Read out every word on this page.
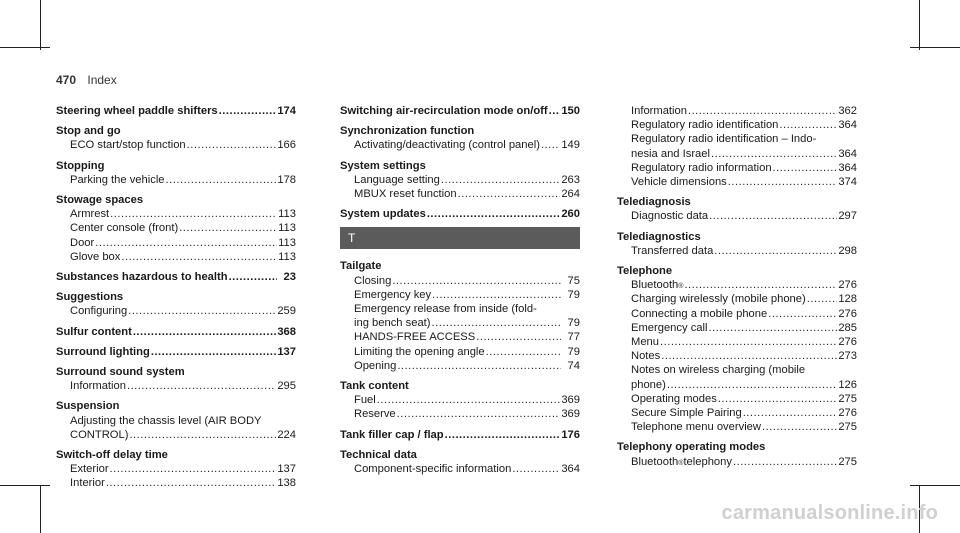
470 Index
Steering wheel paddle shifters .....	174
Stop and go
ECO start/stop function .....	166
Stopping
Parking the vehicle .....	178
Stowage spaces
Armrest .....	113
Center console (front) .....	113
Door .....	113
Glove box .....	113
Substances hazardous to health .....	23
Suggestions
Configuring .....	259
Sulfur content .....	368
Surround lighting .....	137
Surround sound system
Information .....	295
Suspension
Adjusting the chassis level (AIR BODY
CONTROL) .....	224
Switch-off delay time
Exterior .....	137
Interior .....	138
Switching air-recirculation mode on/off ..... 150
Synchronization function
Activating/deactivating (control panel) ..... 149
System settings
Language setting .....	263
MBUX reset function .....	264
System updates .....	260
T
Tailgate
Closing .....	75
Emergency key .....	79
Emergency release from inside (fold-
ing bench seat) .....	79
HANDS-FREE ACCESS .....	77
Limiting the opening angle .....	79
Opening .....	74
Tank content
Fuel .....	369
Reserve .....	369
Tank filler cap / flap .....	176
Technical data
Component-specific information .....	364
Information .....	362
Regulatory radio identification .....	364
Regulatory radio identification – Indo-
nesia and Israel .....	364
Regulatory radio information .....	364
Vehicle dimensions .....	374
Telediagnosis
Diagnostic data .....	297
Telediagnostics
Transferred data .....	298
Telephone
Bluetooth ® .....	276
Charging wirelessly (mobile phone) .....	128
Connecting a mobile phone .....	276
Emergency call .....	285
Menu .....	276
Notes .....	273
Notes on wireless charging (mobile
phone) .....	126
Operating modes .....	275
Secure Simple Pairing .....	276
Telephone menu overview .....	275
Telephony operating modes
Bluetooth ® telephony .....	275
carmanualsonline.info
